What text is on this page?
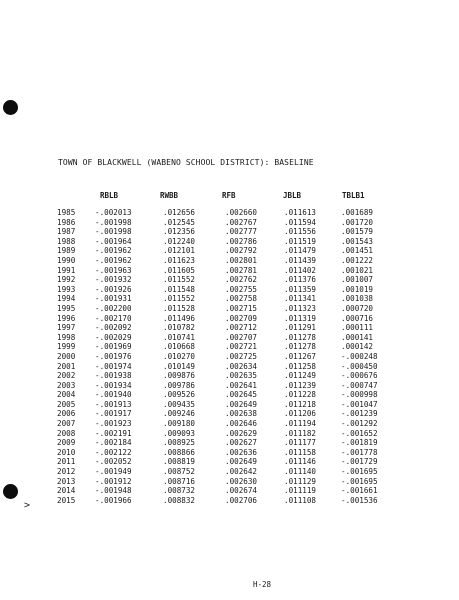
>
TOWN OF BLACKWELL (WABENO SCHOOL DISTRICT): BASELINE
RBLB	RWBB	RFB	JBLB	TBLB1
1985	-.002013	.012656	.002660	.011613	.001689
1986	-.001998	.012545	.002767	.011594	.001720
1987	-.001998	.012356	.002777	.011556	.001579
1988	-.001964	.012240	.002786	.011519	.001543
1989	-.001962	.012101	.002792	.011479	.001451
1990	-.001962	.011623	.002801	.011439	.001222
1991	-.001963	.011605	.002781	.011402	.001021
1992	-.001932	.011552	.002762	.011376	.001007
1993	-.001926	.011548	.002755	.011359	.001019
1994	-.001931	.011552	.002758	.011341	.001038
1995	-.002200	.011528	.002715	.011323	.000720
1996	-.002170	.011496	.002709	.011319	.000716
1997	-.002092	.010782	.002712	.011291	.000111
1998	-.002029	.010741	.002707	.011278	.000141
1999	-.001969	.010668	.002721	.011278	.000142
2000	-.001976	.010270	.002725	.011267	-.000248
2001	-.001974	.010149	.002634	.011258	-.000450
2002	-.001938	.009876	.002635	.011249	-.000676
2003	-.001934	.009786	.002641	.011239	-.000747
2004	-.001940	.009526	.002645	.011228	-.000998
2005	-.001913	.009435	.002649	.011218	-.001047
2006	-.001917	.009246	.002638	.011206	-.001239
2007	-.001923	.009180	.002646	.011194	-.001292
2008	-.002191	.009093	.002629	.011182	-.001652
2009	-.002184	.008925	.002627	.011177	-.001819
2010	-.002122	.008866	.002636	.011158	-.001778
2011	-.002052	.008819	.002649	.011146	-.001729
2012	-.001949	.008752	.002642	.011140	-.001695
2013	-.001912	.008716	.002630	.011129	-.001695
2014	-.001948	.008732	.002674	.011119	-.001661
2015	-.001966	.008832	.002706	.011108	-.001536
H-28
